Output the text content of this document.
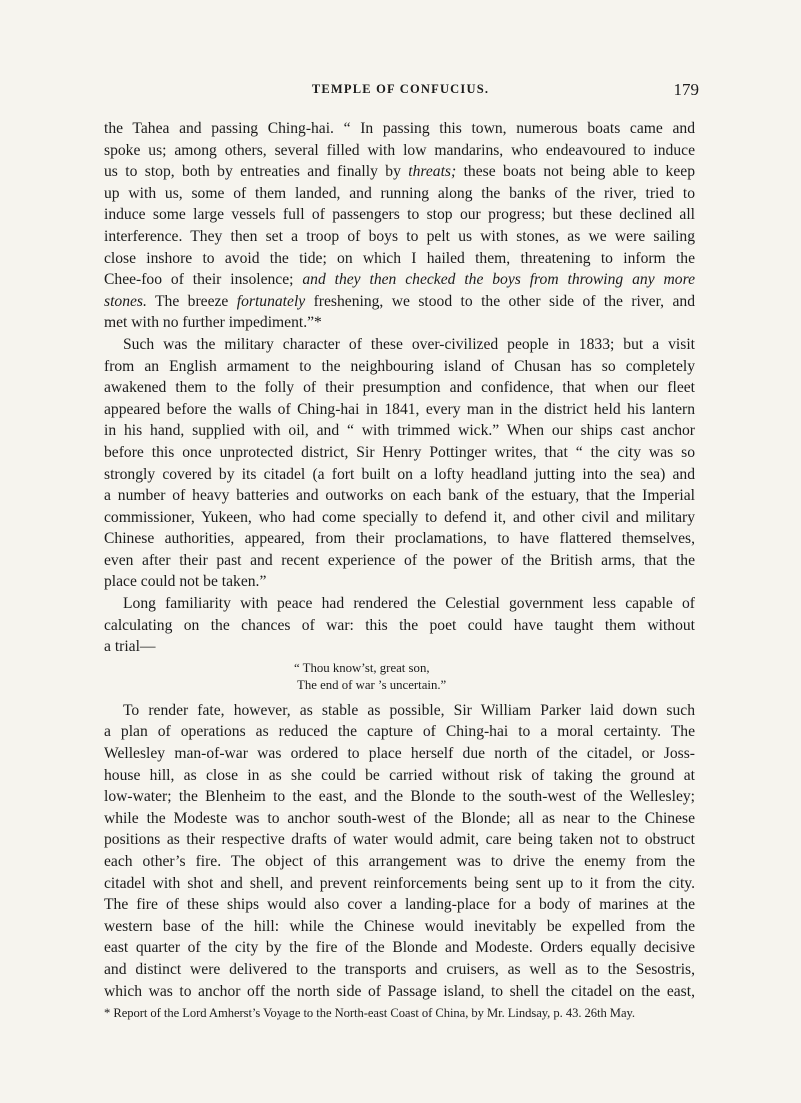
TEMPLE OF CONFUCIUS.	179
the Tahea and passing Ching-hai. “ In passing this town, numerous boats came and
spoke us; among others, several filled with low mandarins, who endeavoured to induce
us to stop, both by entreaties and finally by threats; these boats not being able to keep
up with us, some of them landed, and running along the banks of the river, tried to
induce some large vessels full of passengers to stop our progress; but these declined all
interference. They then set a troop of boys to pelt us with stones, as we were sailing
close inshore to avoid the tide; on which I hailed them, threatening to inform the
Chee-foo of their insolence; and they then checked the boys from throwing any more
stones. The breeze fortunately freshening, we stood to the other side of the river, and
met with no further impediment.”*
Such was the military character of these over-civilized people in 1833; but a visit
from an English armament to the neighbouring island of Chusan has so completely
awakened them to the folly of their presumption and confidence, that when our fleet
appeared before the walls of Ching-hai in 1841, every man in the district held his lantern
in his hand, supplied with oil, and “ with trimmed wick.” When our ships cast anchor
before this once unprotected district, Sir Henry Pottinger writes, that “ the city was so
strongly covered by its citadel (a fort built on a lofty headland jutting into the sea) and
a number of heavy batteries and outworks on each bank of the estuary, that the Imperial
commissioner, Yukeen, who had come specially to defend it, and other civil and military
Chinese authorities, appeared, from their proclamations, to have flattered themselves,
even after their past and recent experience of the power of the British arms, that the
place could not be taken.”
Long familiarity with peace had rendered the Celestial government less capable of
calculating on the chances of war: this the poet could have taught them without
a trial—
“ Thou know’st, great son,
The end of war ’s uncertain.”
To render fate, however, as stable as possible, Sir William Parker laid down such
a plan of operations as reduced the capture of Ching-hai to a moral certainty. The
Wellesley man-of-war was ordered to place herself due north of the citadel, or Joss-
house hill, as close in as she could be carried without risk of taking the ground at
low-water; the Blenheim to the east, and the Blonde to the south-west of the Wellesley;
while the Modeste was to anchor south-west of the Blonde; all as near to the Chinese
positions as their respective drafts of water would admit, care being taken not to obstruct
each other’s fire. The object of this arrangement was to drive the enemy from the
citadel with shot and shell, and prevent reinforcements being sent up to it from the city.
The fire of these ships would also cover a landing-place for a body of marines at the
western base of the hill: while the Chinese would inevitably be expelled from the
east quarter of the city by the fire of the Blonde and Modeste. Orders equally decisive
and distinct were delivered to the transports and cruisers, as well as to the Sesostris,
which was to anchor off the north side of Passage island, to shell the citadel on the east,
* Report of the Lord Amherst’s Voyage to the North-east Coast of China, by Mr. Lindsay, p. 43. 26th May.
